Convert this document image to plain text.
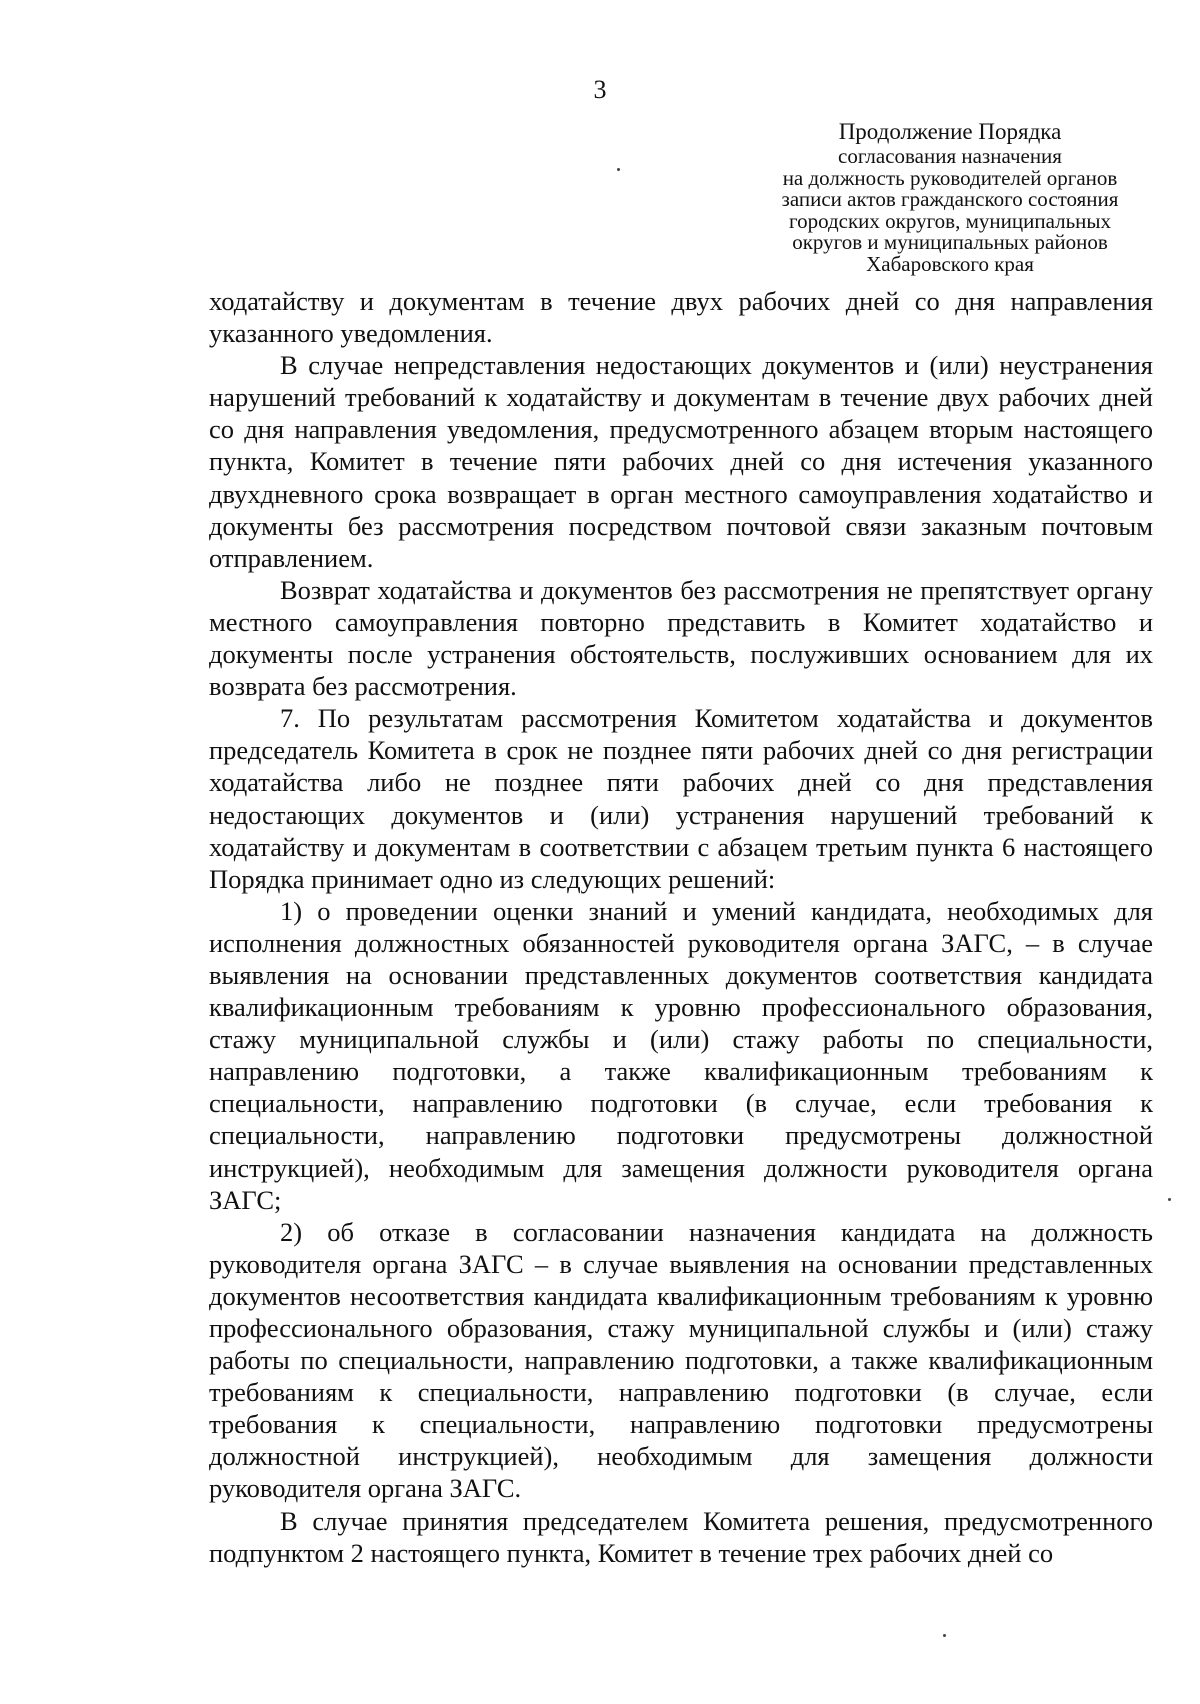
3
Продолжение Порядка
согласования назначения
на должность руководителей органов
записи актов гражданского состояния
городских округов, муниципальных
округов и муниципальных районов
Хабаровского края

ходатайству и документам в течение двух рабочих дней со дня направления указанного уведомления.

В случае непредставления недостающих документов и (или) неустранения нарушений требований к ходатайству и документам в течение двух рабочих дней со дня направления уведомления, предусмотренного абзацем вторым настоящего пункта, Комитет в течение пяти рабочих дней со дня истечения указанного двухдневного срока возвращает в орган местного самоуправления ходатайство и документы без рассмотрения посредством почтовой связи заказным почтовым отправлением.

Возврат ходатайства и документов без рассмотрения не препятствует органу местного самоуправления повторно представить в Комитет ходатайство и документы после устранения обстоятельств, послуживших основанием для их возврата без рассмотрения.

7. По результатам рассмотрения Комитетом ходатайства и документов председатель Комитета в срок не позднее пяти рабочих дней со дня регистрации ходатайства либо не позднее пяти рабочих дней со дня представления недостающих документов и (или) устранения нарушений требований к ходатайству и документам в соответствии с абзацем третьим пункта 6 настоящего Порядка принимает одно из следующих решений:

1) о проведении оценки знаний и умений кандидата, необходимых для исполнения должностных обязанностей руководителя органа ЗАГС, – в случае выявления на основании представленных документов соответствия кандидата квалификационным требованиям к уровню профессионального образования, стажу муниципальной службы и (или) стажу работы по специальности, направлению подготовки, а также квалификационным требованиям к специальности, направлению подготовки (в случае, если требования к специальности, направлению подготовки предусмотрены должностной инструкцией), необходимым для замещения должности руководителя органа ЗАГС;

2) об отказе в согласовании назначения кандидата на должность руководителя органа ЗАГС – в случае выявления на основании представленных документов несоответствия кандидата квалификационным требованиям к уровню профессионального образования, стажу муниципальной службы и (или) стажу работы по специальности, направлению подготовки, а также квалификационным требованиям к специальности, направлению подготовки (в случае, если требования к специальности, направлению подготовки предусмотрены должностной инструкцией), необходимым для замещения должности руководителя органа ЗАГС.

В случае принятия председателем Комитета решения, предусмотренного подпунктом 2 настоящего пункта, Комитет в течение трех рабочих дней со
